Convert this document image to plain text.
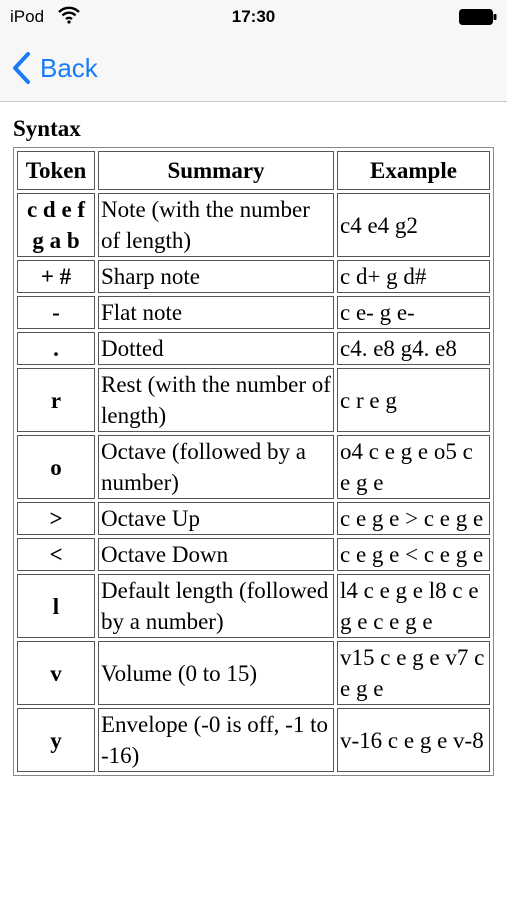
iPod	17:30
Back
Syntax
Token	Summary	Example
c d e f g a b	Note (with the number of length)	c4 e4 g2
+ #	Sharp note	c d+ g d#
-	Flat note	c e- g e-
.	Dotted	c4. e8 g4. e8
r	Rest (with the number of length)	c r e g
o	Octave (followed by a number)	o4 c e g e o5 c e g e
>	Octave Up	c e g e > c e g e
<	Octave Down	c e g e < c e g e
l	Default length (followed by a number)	l4 c e g e l8 c e g e c e g e
v	Volume (0 to 15)	v15 c e g e v7 c e g e
y	Envelope (-0 is off, -1 to -16)	v-16 c e g e v-8
